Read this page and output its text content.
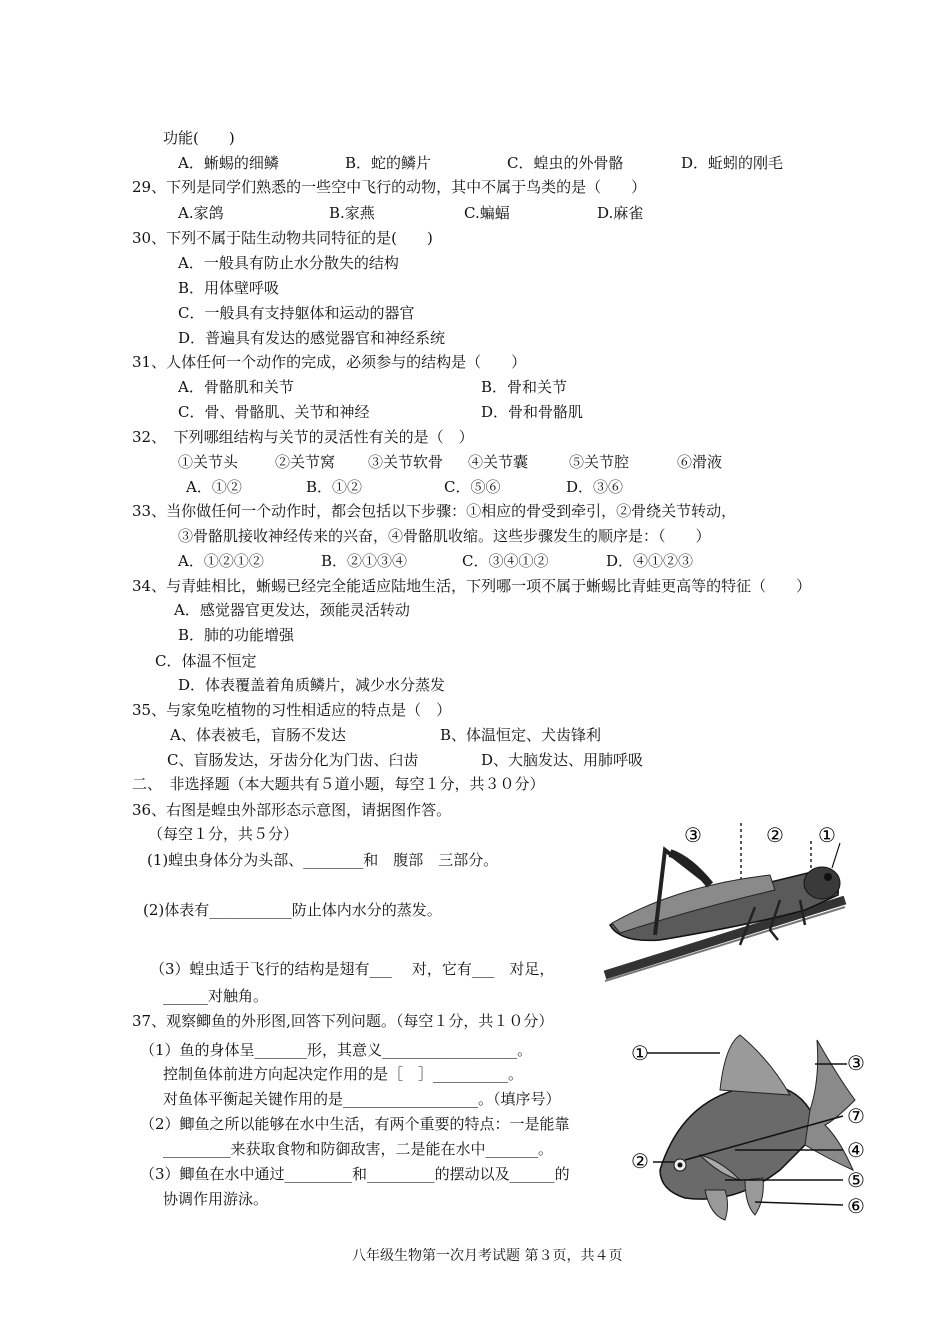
功能(　　)
A．蜥蜴的细鳞	B．蛇的鳞片	C．蝗虫的外骨骼	D．蚯蚓的刚毛
29、下列是同学们熟悉的一些空中飞行的动物，其中不属于鸟类的是（　　）
A.家鸽	B.家燕	C.蝙蝠	D.麻雀
30、下列不属于陆生动物共同特征的是(　　)
A．一般具有防止水分散失的结构
B．用体壁呼吸
C．一般具有支持躯体和运动的器官
D．普遍具有发达的感觉器官和神经系统
31、人体任何一个动作的完成，必须参与的结构是（　　）
A．骨骼肌和关节	B．骨和关节
C．骨、骨骼肌、关节和神经	D．骨和骨骼肌
32、　下列哪组结构与关节的灵活性有关的是（　）
①关节头 ②关节窝 ③关节软骨 ④关节囊	⑤关节腔	⑥滑液
A．①②	B．①②	C．⑤⑥	D．③⑥
33、当你做任何一个动作时，都会包括以下步骤：①相应的骨受到牵引，②骨绕关节转动，
③骨骼肌接收神经传来的兴奋，④骨骼肌收缩。这些步骤发生的顺序是：（　　）
A．①②①②	B．②①③④	C．③④①②	D．④①②③
34、与青蛙相比，蜥蜴已经完全能适应陆地生活，下列哪一项不属于蜥蜴比青蛙更高等的特征（　　）
A．感觉器官更发达，颈能灵活转动
B．肺的功能增强
C．体温不恒定
D．体表覆盖着角质鳞片，减少水分蒸发
35、与家兔吃植物的习性相适应的特点是（　）
A、体表被毛，盲肠不发达	B、体温恒定、犬齿锋利
C、盲肠发达，牙齿分化为门齿、臼齿	D、大脑发达、用肺呼吸
二、　非选择题（本大题共有５道小题，每空１分，共３０分）
36、右图是蝗虫外部形态示意图，请据图作答。
（每空１分，共５分）
(1)蝗虫身体分为头部、________和　腹部　三部分。
(2)体表有___________防止体内水分的蒸发。
（3）蝗虫适于飞行的结构是翅有___　 对，它有___　对足，
______对触角。
③	② ①
37、观察鲫鱼的外形图,回答下列问题。（每空１分，共１０分）
（1）鱼的身体呈_______形，其意义__________________。
控制鱼体前进方向起决定作用的是［　］__________。
对鱼体平衡起关键作用的是__________________。（填序号）
（2）鲫鱼之所以能够在水中生活，有两个重要的特点：一是能靠
_________来获取食物和防御敌害，二是能在水中_______。
（3）鲫鱼在水中通过_________和_________的摆动以及______的
协调作用游泳。
①
②
③
⑦
④
⑤
⑥
八年级生物第一次月考试题 第３页，共４页
